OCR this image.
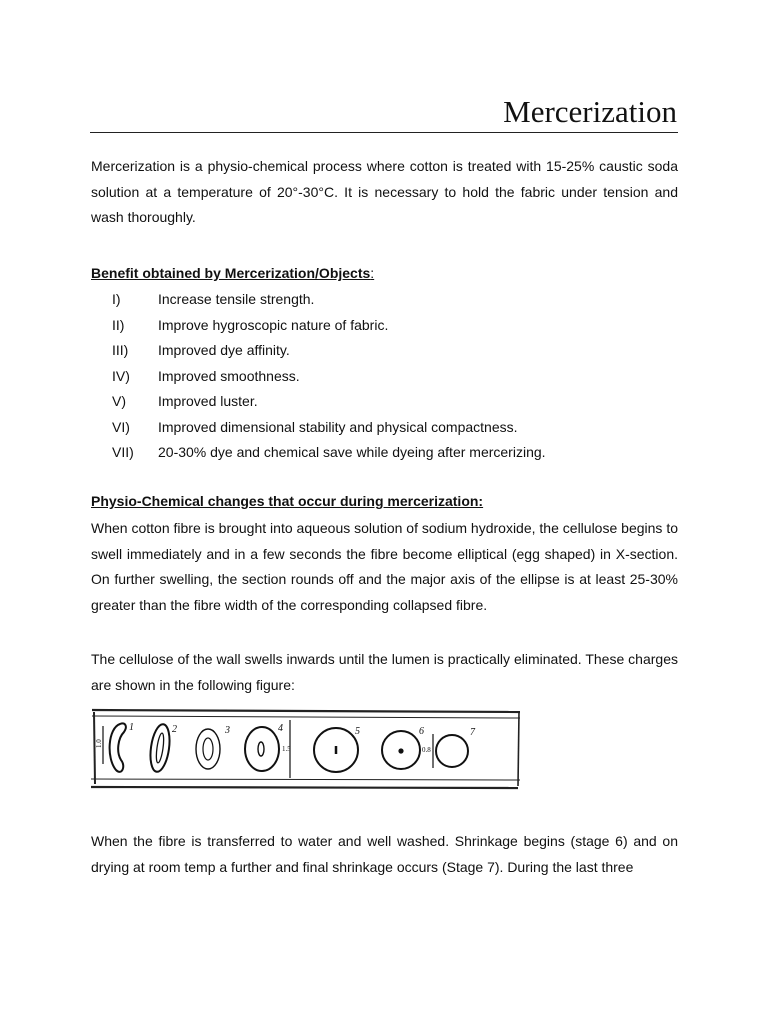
Mercerization
Mercerization is a physio-chemical process where cotton is treated with 15-25% caustic soda solution at a temperature of 20°-30°C. It is necessary to hold the fabric under tension and wash thoroughly.
Benefit obtained by Mercerization/Objects:
I)	Increase tensile strength.
II) Improve hygroscopic nature of fabric.
III) Improved dye affinity.
IV) Improved smoothness.
V) Improved luster.
VI) Improved dimensional stability and physical compactness.
VII) 20-30% dye and chemical save while dyeing after mercerizing.
Physio-Chemical changes that occur during mercerization:
When cotton fibre is brought into aqueous solution of sodium hydroxide, the cellulose begins to swell immediately and in a few seconds the fibre become elliptical (egg shaped) in X-section. On further swelling, the section rounds off and the major axis of the ellipse is at least 25-30% greater than the fibre width of the corresponding collapsed fibre.
The cellulose of the wall swells inwards until the lumen is practically eliminated. These charges are shown in the following figure:
1	2	3	4	5	6	7
1.0
1.5	0.8
When the fibre is transferred to water and well washed. Shrinkage begins (stage 6) and on drying at room temp a further and final shrinkage occurs (Stage 7). During the last three
